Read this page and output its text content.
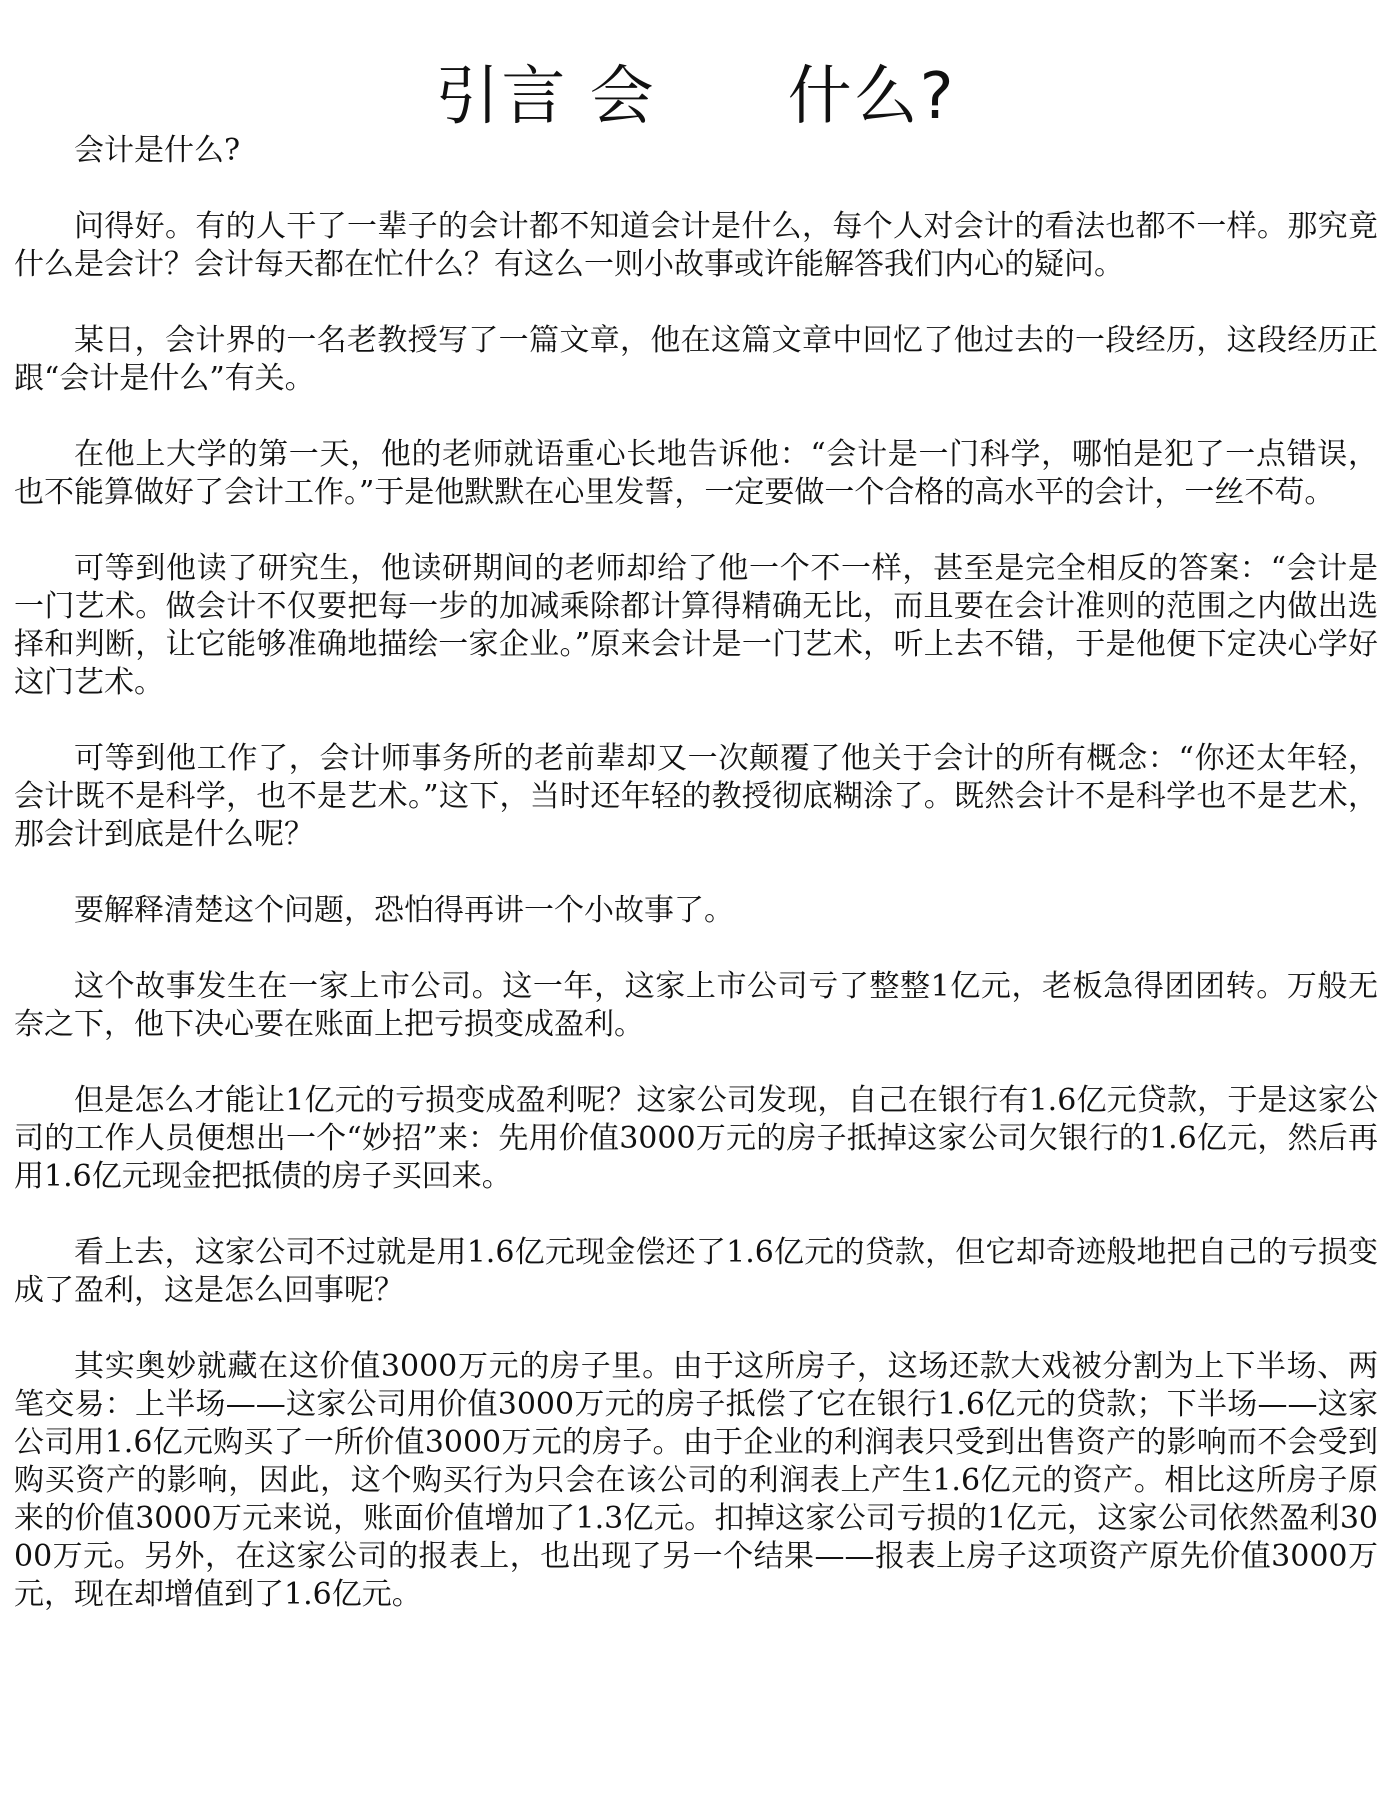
引言 会　　什么?

会计是什么?

问得好。有的人干了一辈子的会计都不知道会计是什么，每个人对会计的看法也都不一样。那究竟什么是会计？会计每天都在忙什么？有这么一则小故事或许能解答我们内心的疑问。

某日，会计界的一名老教授写了一篇文章，他在这篇文章中回忆了他过去的一段经历，这段经历正跟“会计是什么”有关。

在他上大学的第一天，他的老师就语重心长地告诉他：“会计是一门科学，哪怕是犯了一点错误，也不能算做好了会计工作。”于是他默默在心里发誓，一定要做一个合格的高水平的会计，一丝不苟。

可等到他读了研究生，他读研期间的老师却给了他一个不一样，甚至是完全相反的答案：“会计是一门艺术。做会计不仅要把每一步的加减乘除都计算得精确无比，而且要在会计准则的范围之内做出选择和判断，让它能够准确地描绘一家企业。”原来会计是一门艺术，听上去不错，于是他便下定决心学好这门艺术。

可等到他工作了，会计师事务所的老前辈却又一次颠覆了他关于会计的所有概念：“你还太年轻，会计既不是科学，也不是艺术。”这下，当时还年轻的教授彻底糊涂了。既然会计不是科学也不是艺术，那会计到底是什么呢？

要解释清楚这个问题，恐怕得再讲一个小故事了。

这个故事发生在一家上市公司。这一年，这家上市公司亏了整整1亿元，老板急得团团转。万般无奈之下，他下决心要在账面上把亏损变成盈利。

但是怎么才能让1亿元的亏损变成盈利呢？这家公司发现，自己在银行有1.6亿元贷款，于是这家公司的工作人员便想出一个“妙招”来：先用价值3000万元的房子抵掉这家公司欠银行的1.6亿元，然后再用1.6亿元现金把抵债的房子买回来。

看上去，这家公司不过就是用1.6亿元现金偿还了1.6亿元的贷款，但它却奇迹般地把自己的亏损变成了盈利，这是怎么回事呢？

其实奥妙就藏在这价值3000万元的房子里。由于这所房子，这场还款大戏被分割为上下半场、两笔交易：上半场——这家公司用价值3000万元的房子抵偿了它在银行1.6亿元的贷款；下半场——这家公司用1.6亿元购买了一所价值3000万元的房子。由于企业的利润表只受到出售资产的影响而不会受到购买资产的影响，因此，这个购买行为只会在该公司的利润表上产生1.6亿元的资产。相比这所房子原来的价值3000万元来说，账面价值增加了1.3亿元。扣掉这家公司亏损的1亿元，这家公司依然盈利3000万元。另外，在这家公司的报表上，也出现了另一个结果——报表上房子这项资产原先价值3000万元，现在却增值到了1.6亿元。
